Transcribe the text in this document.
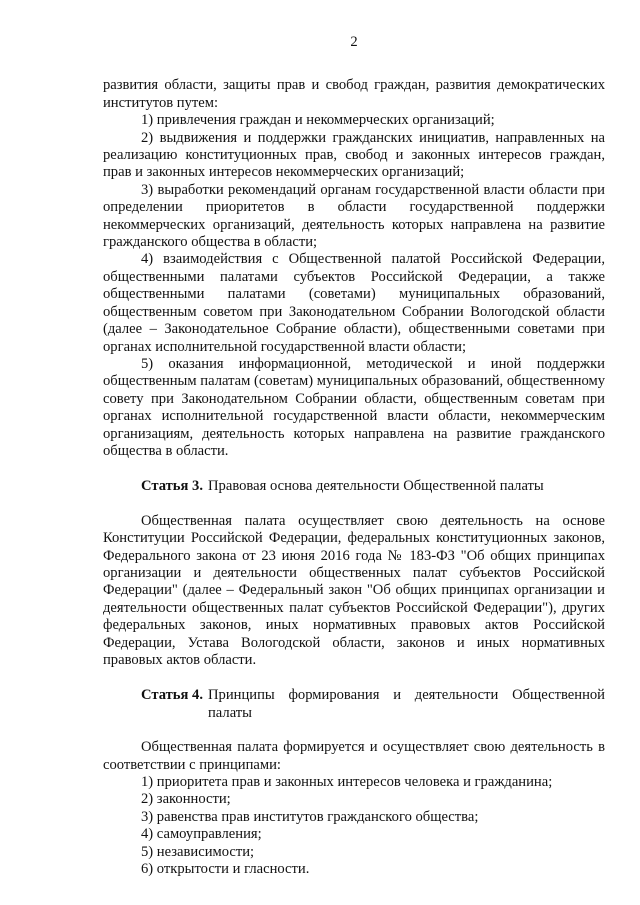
2

развития области, защиты прав и свобод граждан, развития демократических институтов путем:

1) привлечения граждан и некоммерческих организаций;

2) выдвижения и поддержки гражданских инициатив, направленных на реализацию конституционных прав, свобод и законных интересов граждан, прав и законных интересов некоммерческих организаций;

3) выработки рекомендаций органам государственной власти области при определении приоритетов в области государственной поддержки некоммерческих организаций, деятельность которых направлена на развитие гражданского общества в области;

4) взаимодействия с Общественной палатой Российской Федерации, общественными палатами субъектов Российской Федерации, а также общественными палатами (советами) муниципальных образований, общественным советом при Законодательном Собрании Вологодской области (далее – Законодательное Собрание области), общественными советами при органах исполнительной государственной власти области;

5) оказания информационной, методической и иной поддержки общественным палатам (советам) муниципальных образований, общественному совету при Законодательном Собрании области, общественным советам при органах исполнительной государственной власти области, некоммерческим организациям, деятельность которых направлена на развитие гражданского общества в области.

Статья 3. Правовая основа деятельности Общественной палаты

Общественная палата осуществляет свою деятельность на основе Конституции Российской Федерации, федеральных конституционных законов, Федерального закона от 23 июня 2016 года № 183-ФЗ "Об общих принципах организации и деятельности общественных палат субъектов Российской Федерации" (далее – Федеральный закон "Об общих принципах организации и деятельности общественных палат субъектов Российской Федерации"), других федеральных законов, иных нормативных правовых актов Российской Федерации, Устава Вологодской области, законов и иных нормативных правовых актов области.

Статья 4. Принципы формирования и деятельности Общественной палаты

Общественная палата формируется и осуществляет свою деятельность в соответствии с принципами:

1) приоритета прав и законных интересов человека и гражданина;

2) законности;

3) равенства прав институтов гражданского общества;

4) самоуправления;

5) независимости;

6) открытости и гласности.
